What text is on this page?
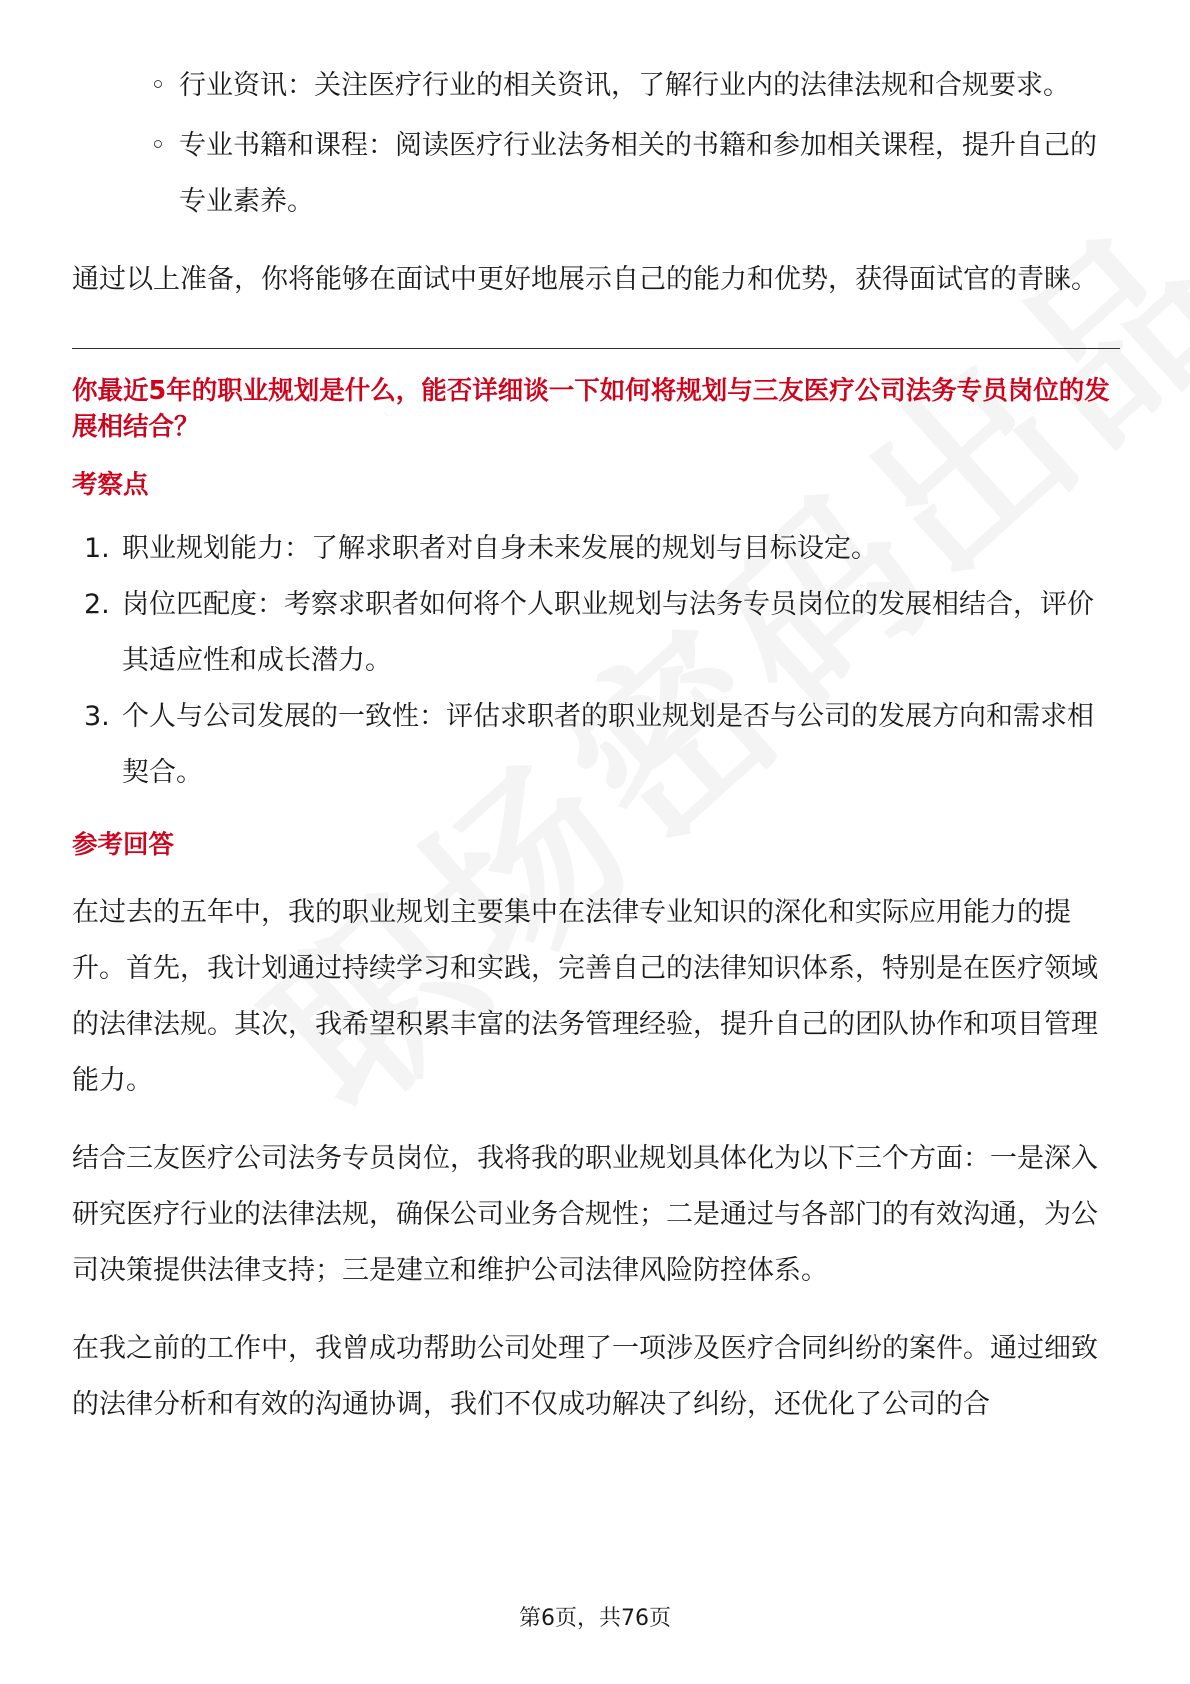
◦ 行业资讯：关注医疗行业的相关资讯，了解行业内的法律法规和合规要求。

◦ 专业书籍和课程：阅读医疗行业法务相关的书籍和参加相关课程，提升自己的专业素养。

通过以上准备，你将能够在面试中更好地展示自己的能力和优势，获得面试官的青睐。

你最近5年的职业规划是什么，能否详细谈一下如何将规划与三友医疗公司法务专员岗位的发展相结合？
考察点

1. 职业规划能力：了解求职者对自身未来发展的规划与目标设定。

2. 岗位匹配度：考察求职者如何将个人职业规划与法务专员岗位的发展相结合，评价其适应性和成长潜力。

3. 个人与公司发展的一致性：评估求职者的职业规划是否与公司的发展方向和需求相契合。

参考回答

在过去的五年中，我的职业规划主要集中在法律专业知识的深化和实际应用能力的提升。首先，我计划通过持续学习和实践，完善自己的法律知识体系，特别是在医疗领域的法律法规。其次，我希望积累丰富的法务管理经验，提升自己的团队协作和项目管理能力。

结合三友医疗公司法务专员岗位，我将我的职业规划具体化为以下三个方面：一是深入研究医疗行业的法律法规，确保公司业务合规性；二是通过与各部门的有效沟通，为公司决策提供法律支持；三是建立和维护公司法律风险防控体系。

在我之前的工作中，我曾成功帮助公司处理了一项涉及医疗合同纠纷的案件。通过细致的法律分析和有效的沟通协调，我们不仅成功解决了纠纷，还优化了公司的合

第6页，共76页
